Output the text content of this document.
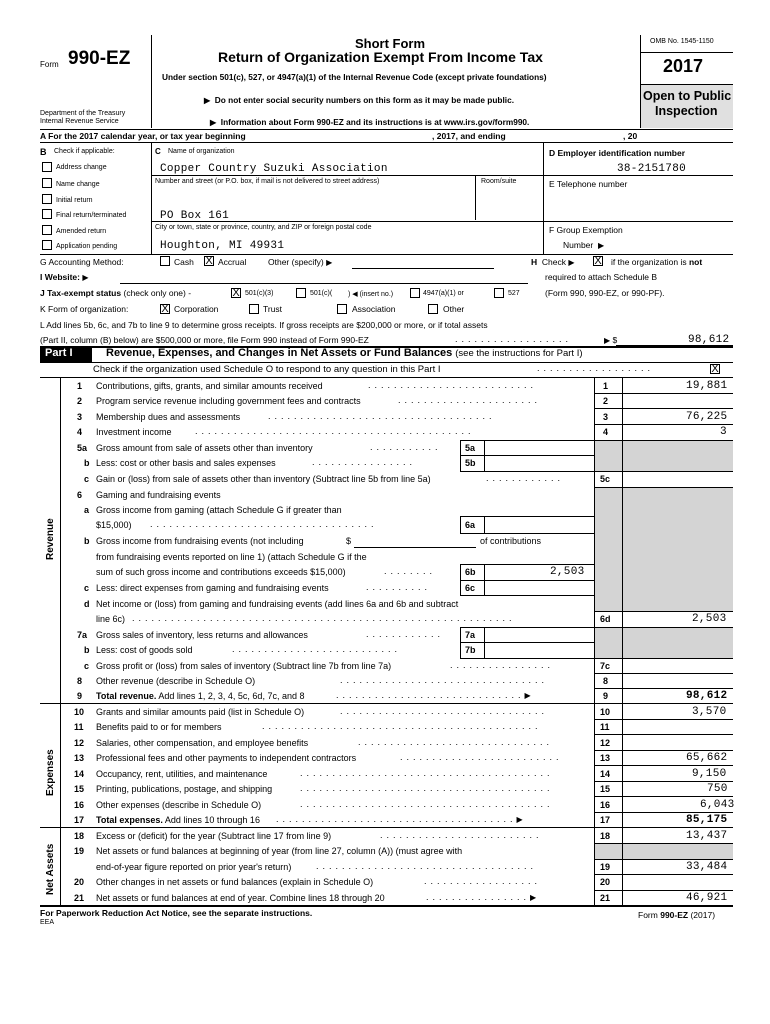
Form 990-EZ
Short Form
Return of Organization Exempt From Income Tax
Under section 501(c), 527, or 4947(a)(1) of the Internal Revenue Code (except private foundations)
▶ Do not enter social security numbers on this form as it may be made public.
▶ Information about Form 990-EZ and its instructions is at www.irs.gov/form990.
Department of the Treasury
Internal Revenue Service
OMB No. 1545-1150
2017
Open to Public
Inspection
A For the 2017 calendar year, or tax year beginning	, 2017, and ending	, 20
B Check if applicable:
Address change
Name change
Initial return
Final return/terminated
Amended return
Application pending
C Name of organization
Copper Country Suzuki Association
Number and street (or P.O. box, if mail is not delivered to street address)	Room/suite
PO Box 161
City or town, state or province, country, and ZIP or foreign postal code
Houghton, MI 49931
D Employer identification number
38-2151780
E Telephone number
F Group Exemption
Number ▶
G Accounting Method:	Cash X Accrual	Other (specify) ▶	H  Check ▶ X if the organization is not
required to attach Schedule B
(Form 990, 990-EZ, or 990-PF).
I Website: ▶
J Tax-exempt status (check only one) -	X 501(c)(3)	501(c)( ) ◀ (insert no.)	4947(a)(1) or	527
K Form of organization:	X Corporation	Trust	Association	Other
L Add lines 5b, 6c, and 7b to line 9 to determine gross receipts. If gross receipts are $200,000 or more, or if total assets
(Part II, column (B) below) are $500,000 or more, file Form 990 instead of Form 990-EZ	..................	▶ $	98,612
Part I	Revenue, Expenses, and Changes in Net Assets or Fund Balances (see the instructions for Part I)
Check if the organization used Schedule O to respond to any question in this Part I	..................	X
Revenue
Expenses
Net Assets
1 Contributions, gifts, grants, and similar amounts received	..........................	1	19,881
2 Program service revenue including government fees and contracts	......................	2
3 Membership dues and assessments	...................................	3	76,225
4 Investment income	...........................................	4	3
5a Gross amount from sale of assets other than inventory	...........	5a
b Less: cost or other basis and sales expenses	................	5b
c Gain or (loss) from sale of assets other than inventory (Subtract line 5b from line 5a)	............	5c
6 Gaming and fundraising events
a Gross income from gaming (attach Schedule G if greater than
$15,000) ...................................	6a
b Gross income from fundraising events (not including	$	of contributions
from fundraising events reported on line 1) (attach Schedule G if the
sum of such gross income and contributions exceeds $15,000)	........	6b	2,503
c Less: direct expenses from gaming and fundraising events	..........	6c
d Net income or (loss) from gaming and fundraising events (add lines 6a and 6b and subtract
line 6c) ...........................................................	6d	2,503
7a Gross sales of inventory, less returns and allowances	............ 7a
b Less: cost of goods sold	..........................	7b
c Gross profit or (loss) from sales of inventory (Subtract line 7b from line 7a)	................	7c
8 Other revenue (describe in Schedule O)	................................	8
9 Total revenue. Add lines 1, 2, 3, 4, 5c, 6d, 7c, and 8	.............................▶	9	98,612
10 Grants and similar amounts paid (list in Schedule O)	................................	10	3,570
11 Benefits paid to or for members	...........................................	11
12 Salaries, other compensation, and employee benefits	..............................	12
13 Professional fees and other payments to independent contractors	.........................	13	65,662
14 Occupancy, rent, utilities, and maintenance	.......................................	14	9,150
15 Printing, publications, postage, and shipping	.......................................	15	750
16 Other expenses (describe in Schedule O)	.......................................	16	6,043
17 Total expenses. Add lines 10 through 16 .....................................▶	17	85,175
18 Excess or (deficit) for the year (Subtract line 17 from line 9)	.........................	18	13,437
19 Net assets or fund balances at beginning of year (from line 27, column (A)) (must agree with
end-of-year figure reported on prior year's return)	..................................	19	33,484
20 Other changes in net assets or fund balances (explain in Schedule O)	..................	20
21 Net assets or fund balances at end of year. Combine lines 18 through 20	................▶	21	46,921
For Paperwork Reduction Act Notice, see the separate instructions.
EEA
Form 990-EZ (2017)
